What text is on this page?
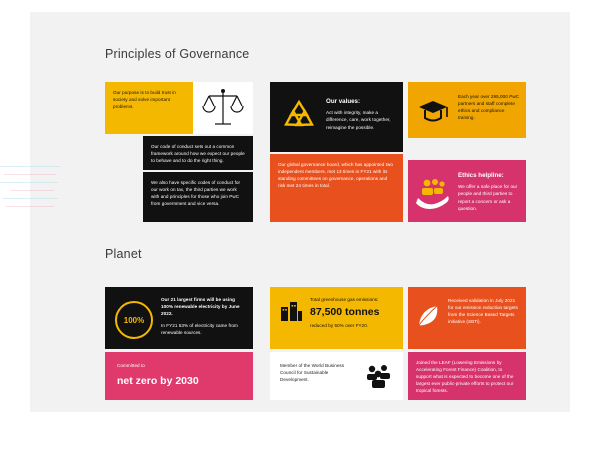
Principles of Governance
Our purpose is to build trust in society and solve important problems.
Our code of conduct sets out a common framework around how we expect our people to behave and to do the right thing.
We also have specific codes of conduct for our work on tax, the third parties we work with and principles for those who join PwC from government and vice versa.
Our values:
Act with integrity, make a difference, care, work together, reimagine the possible.
Our global governance board, which has appointed two independent members, met 13 times in FY21 with its standing committees on governance, operations and risk met 24 times in total.
Each year over 295,000 PwC partners and staff complete ethics and compliance training.
Ethics helpline:
We offer a safe place for our people and third parties to report a concern or ask a question.
Planet
100%
Our 21 largest firms will be using 100% renewable electricity by June 2022.
In FY21 53% of electricity came from renewable sources.
Total greenhouse gas emissions:
87,500 tonnes
reduced by 50% over FY20.
Received validation in July 2021 for our emission reduction targets from the Science Based Targets initiative (SBTi).
Committed to
net zero by 2030
Member of the World Business Council for Sustainable Development.
Joined the LEAF (Lowering Emissions by Accelerating Forest Finance) Coalition, to support what is expected to become one of the largest ever public-private efforts to protect our tropical forests.
